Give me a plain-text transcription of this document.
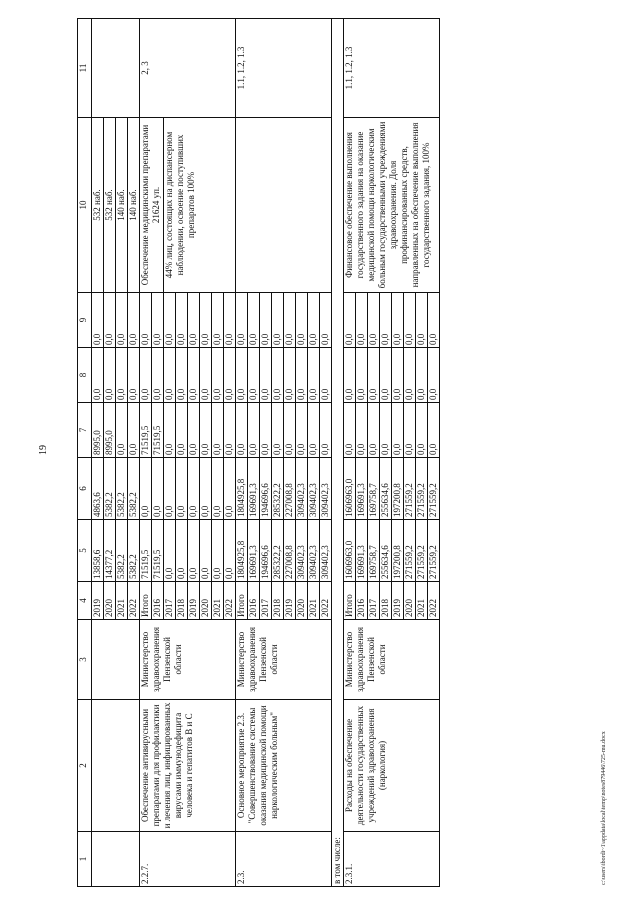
19
c:\users\ibordi~1\appdata\local\temp\notes879446\725-mu.docx
1	2	3	4	5	6	7	8	9	10	11
			2019	13858,6	4863,6	8995,0	0,0	0,0	532 наб.	
			2020	14377,2	5382,2	8995,0	0,0	0,0	532 наб.	
			2021	5382,2	5382,2	0,0	0,0	0,0	140 наб.	
			2022	5382,2	5382,2	0,0	0,0	0,0	140 наб.	
2.2.7.	Обеспечение антивирусными препаратами для профилактики и лечения лиц, инфицированных вирусами иммунодефицита человека и гепатитов B и C	Министерство здравоохранения Пензенской области	Итого	71519,5	0,0	71519,5	0,0	0,0	Обеспечение медицинскими препаратами 21624 уп.	2, 3
			2016	71519,5	0,0	71519,5	0,0	0,0		
			2017	0,0	0,0	0,0	0,0	0,0	44% лиц, состоящих на диспансерном наблюдении, освоение поступивших препаратов 100%	
			2018	0,0	0,0	0,0	0,0	0,0		
			2019	0,0	0,0	0,0	0,0	0,0		
			2020	0,0	0,0	0,0	0,0	0,0		
			2021	0,0	0,0	0,0	0,0	0,0		
			2022	0,0	0,0	0,0	0,0	0,0		
2.3.	Основное мероприятие 2.3. "Совершенствование системы оказания медицинской помощи наркологическим больным"	Министерство здравоохранения Пензенской области	Итого	1804925,8	1804925,8	0,0	0,0	0,0		1.1, 1.2, 1.3
			2016	169691,3	169691,3	0,0	0,0	0,0		
			2017	194696,6	194696,6	0,0	0,0	0,0		
			2018	285322,2	285322,2	0,0	0,0	0,0		
			2019	227008,8	227008,8	0,0	0,0	0,0		
			2020	309402,3	309402,3	0,0	0,0	0,0		
			2021	309402,3	309402,3	0,0	0,0	0,0		
			2022	309402,3	309402,3	0,0	0,0	0,0		
в том числе:										
2.3.1.	Расходы на обеспечение деятельности государственных учреждений здравоохранения (наркология)	Министерство здравоохранения Пензенской области	Итого	1606963,0	1606963,0	0,0	0,0	0,0	Финансовое обеспечение выполнения государственного задания на оказание медицинской помощи наркологическим больным государственными учреждениями здравоохранения. Доля профинансированных средств, направленных на обеспечение выполнения государственного задания, 100%	1.1, 1.2, 1.3
			2016	169691,3	169691,3	0,0	0,0	0,0		
			2017	169758,7	169758,7	0,0	0,0	0,0		
			2018	255634,6	255634,6	0,0	0,0	0,0		
			2019	197200,8	197200,8	0,0	0,0	0,0		
			2020	271559,2	271559,2	0,0	0,0	0,0		
			2021	271559,2	271559,2	0,0	0,0	0,0		
			2022	271559,2	271559,2	0,0	0,0	0,0		
